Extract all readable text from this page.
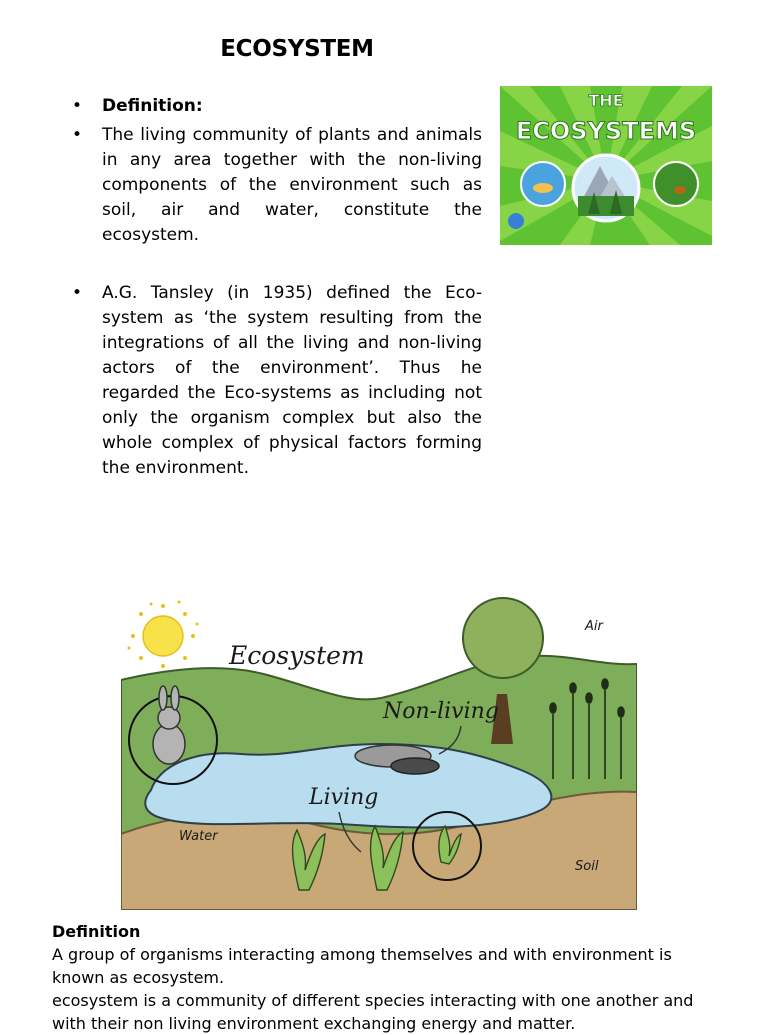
ECOSYSTEM

• Definition:

• The living community of plants and animals in any area together with the non-living components of the environment such as soil, air and water, constitute the ecosystem.

• A.G. Tansley (in 1935) defined the Eco-system as ‘the system resulting from the integrations of all the living and non-living actors of the environment’. Thus he regarded the Eco-systems as including not only the organism complex but also the whole complex of physical factors forming the environment.

THE
ECOSYSTEMS
Ecosystem
Air
Non-living
Living
Water
Soil

Definition

A group of organisms interacting among themselves and with environment is known as ecosystem.

ecosystem is a community of different species interacting with one another and with their non living environment exchanging energy and matter.
